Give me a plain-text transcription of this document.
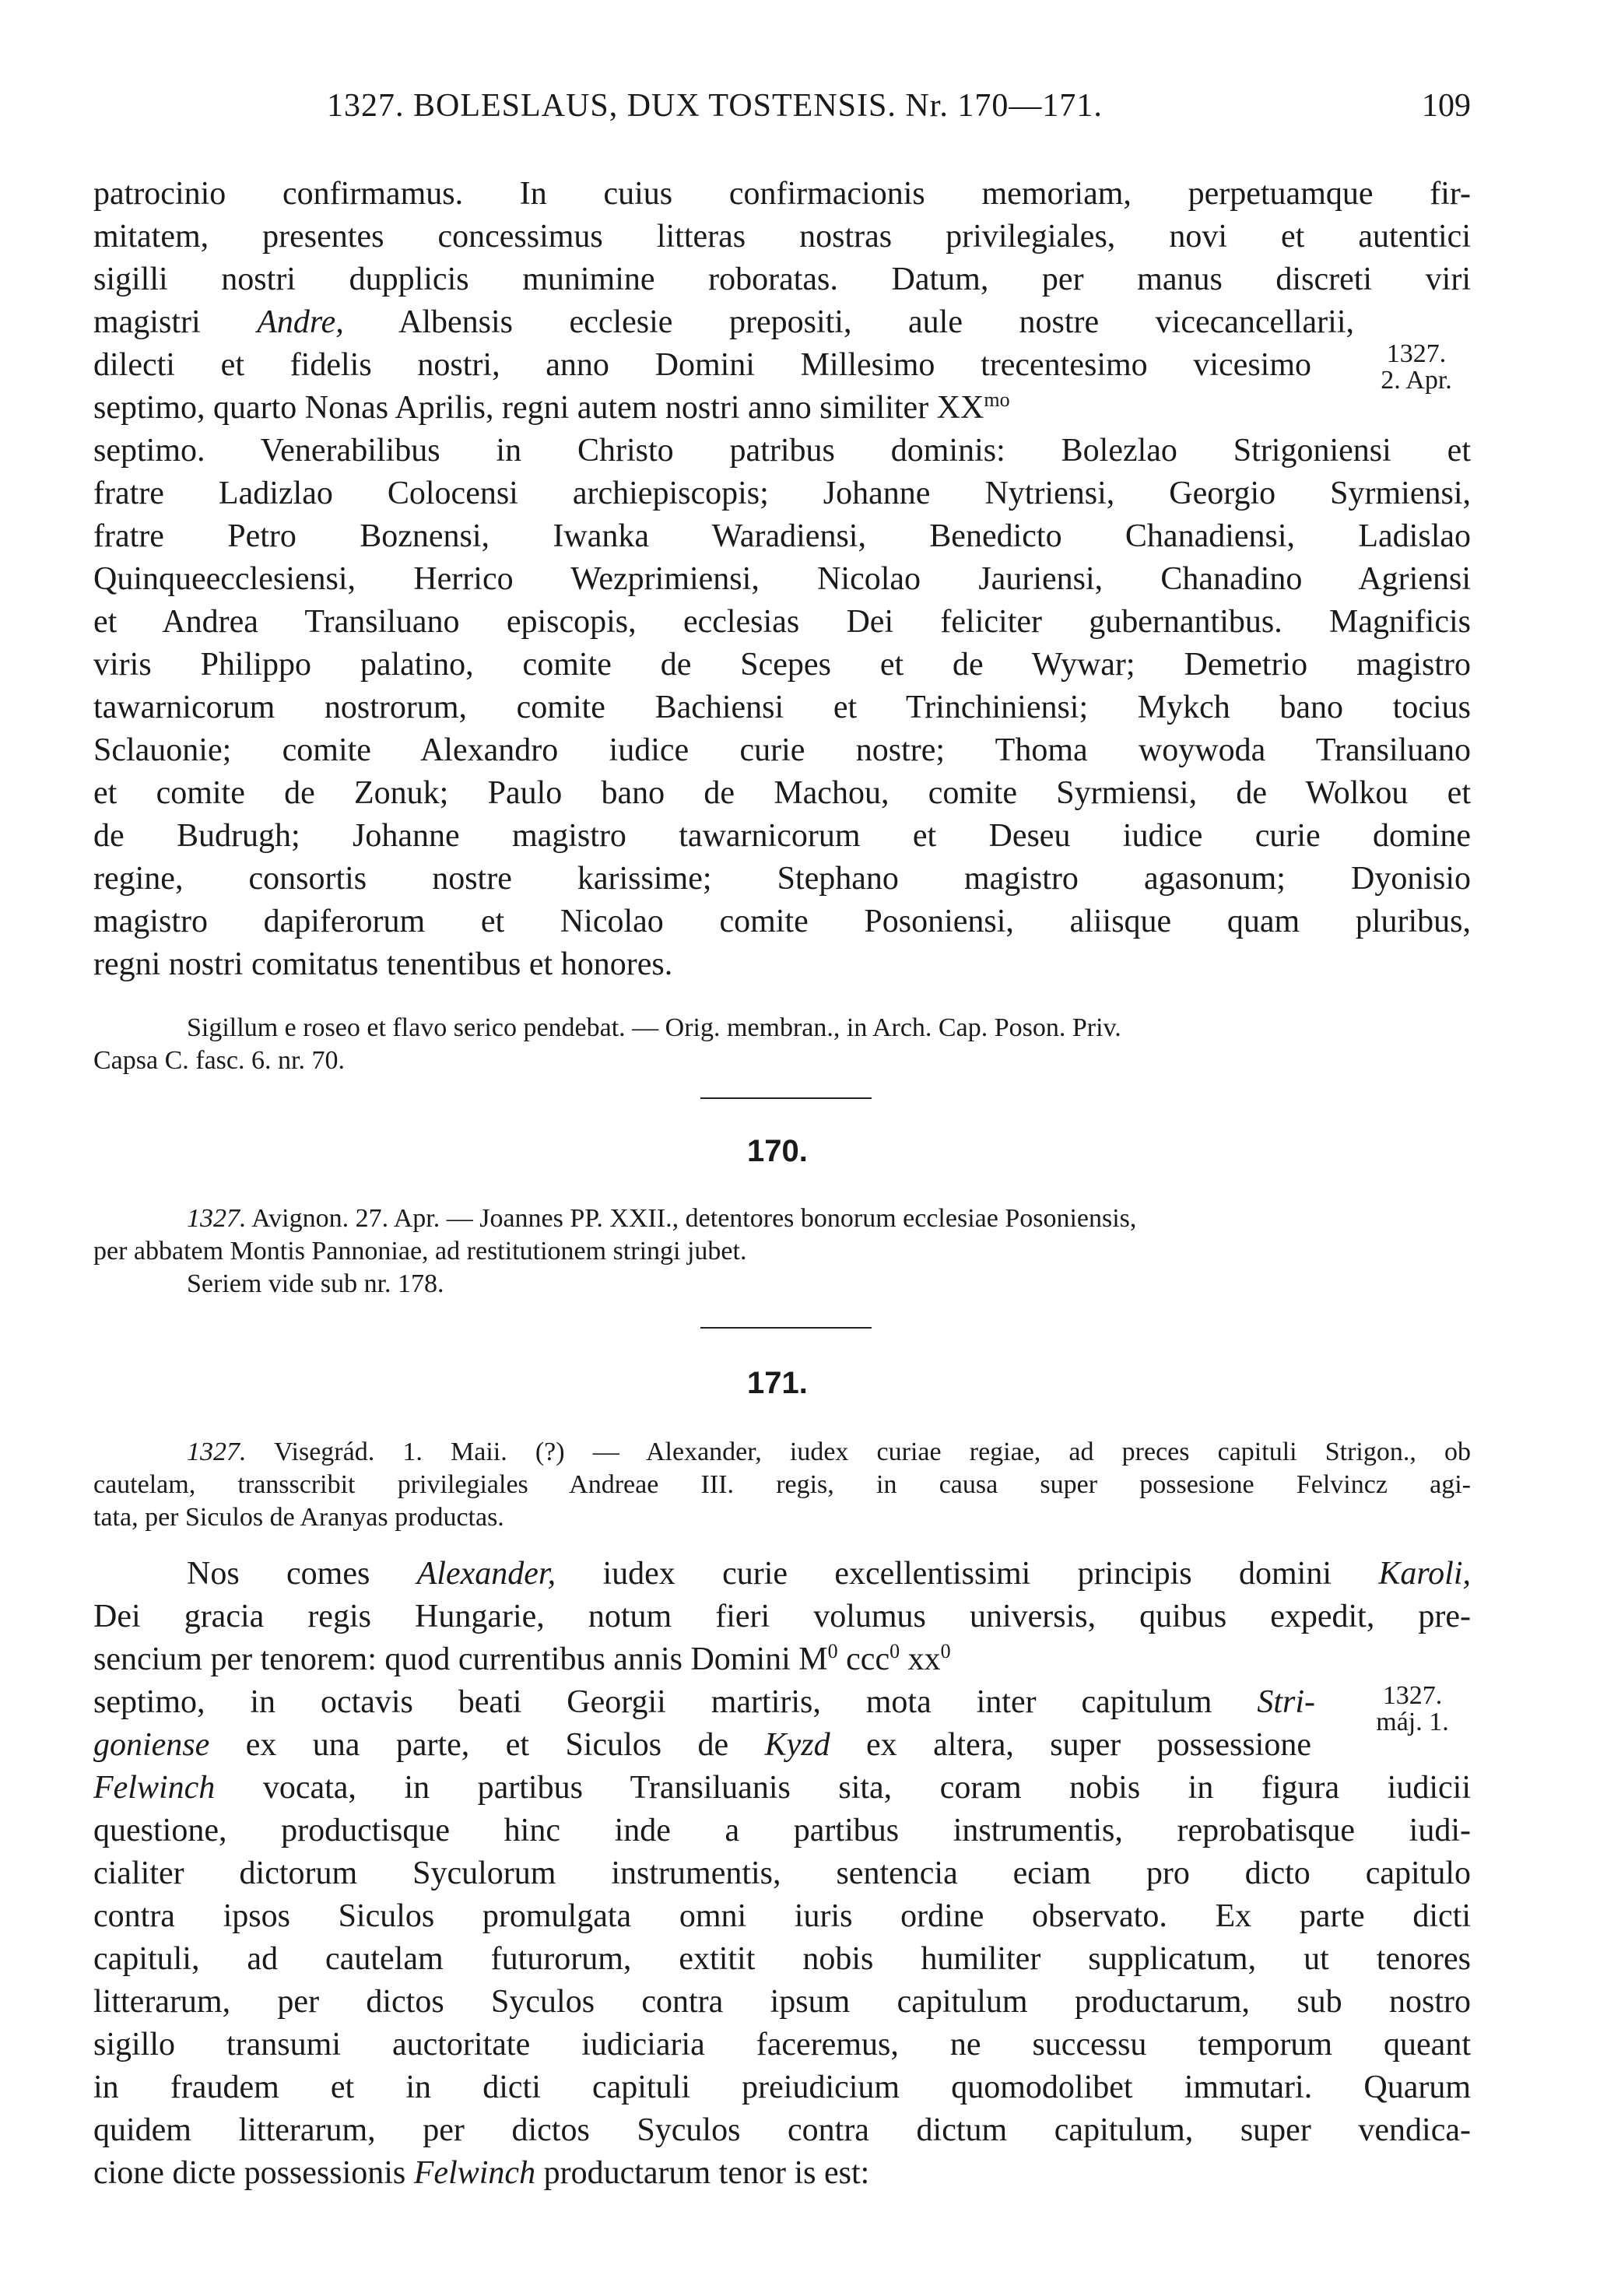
1327. BOLESLAUS, DUX TOSTENSIS. Nr. 170—171.	109
patrocinio confirmamus. In cuius confirmacionis memoriam, perpetuamque fir-
mitatem, presentes concessimus litteras nostras privilegiales, novi et autentici
sigilli nostri dupplicis munimine roboratas. Datum, per manus discreti viri
magistri Andre, Albensis ecclesie prepositi, aule nostre vicecancellarii,
dilecti et fidelis nostri, anno Domini Millesimo trecentesimo vicesimo
septimo, quarto Nonas Aprilis, regni autem nostri anno similiter $XX^{mo}$
septimo. Venerabilibus in Christo patribus dominis: Bolezlao Strigoniensi et
fratre Ladizlao Colocensi archiepiscopis; Johanne Nytriensi, Georgio Syrmiensi,
fratre Petro Boznensi, Iwanka Waradiensi, Benedicto Chanadiensi, Ladislao
Quinqueecclesiensi, Herrico Wezprimiensi, Nicolao Jauriensi, Chanadino Agriensi
et Andrea Transiluano episcopis, ecclesias Dei feliciter gubernantibus. Magnificis
viris Philippo palatino, comite de Scepes et de Wywar; Demetrio magistro
tawarnicorum nostrorum, comite Bachiensi et Trinchiniensi; Mykch bano tocius
Sclauonie; comite Alexandro iudice curie nostre; Thoma woywoda Transiluano
et comite de Zonuk; Paulo bano de Machou, comite Syrmiensi, de Wolkou et
de Budrugh; Johanne magistro tawarnicorum et Deseu iudice curie domine
regine, consortis nostre karissime; Stephano magistro agasonum; Dyonisio
magistro dapiferorum et Nicolao comite Posoniensi, aliisque quam pluribus,
regni nostri comitatus tenentibus et honores.
1327.
2. Apr.
Sigillum e roseo et flavo serico pendebat. — Orig. membran., in Arch. Cap. Poson. Priv.
Capsa C. fasc. 6. nr. 70.
170.
1327. Avignon. 27. Apr. — Joannes PP. XXII., detentores bonorum ecclesiae Posoniensis,
per abbatem Montis Pannoniae, ad restitutionem stringi jubet.
Seriem vide sub nr. 178.
171.
1327. Visegrád. 1. Maii. (?) — Alexander, iudex curiae regiae, ad preces capituli Strigon., ob
cautelam, transscribit privilegiales Andreae III. regis, in causa super possesione Felvincz agi-
tata, per Siculos de Aranyas productas.
Nos comes Alexander, iudex curie excellentissimi principis domini Karoli,
Dei gracia regis Hungarie, notum fieri volumus universis, quibus expedit, pre-
sencium per tenorem: quod currentibus annis Domini $M^0$ ccc$^0$ $xx^0$
septimo, in octavis beati Georgii martiris, mota inter capitulum Stri-
goniense ex una parte, et Siculos de Kyzd ex altera, super possessione
Felwinch vocata, in partibus Transiluanis sita, coram nobis in figura iudicii
questione, productisque hinc inde a partibus instrumentis, reprobatisque iudi-
cialiter dictorum Syculorum instrumentis, sentencia eciam pro dicto capitulo
contra ipsos Siculos promulgata omni iuris ordine observato. Ex parte dicti
capituli, ad cautelam futurorum, extitit nobis humiliter supplicatum, ut tenores
litterarum, per dictos Syculos contra ipsum capitulum productarum, sub nostro
sigillo transumi auctoritate iudiciaria faceremus, ne successu temporum queant
in fraudem et in dicti capituli preiudicium quomodolibet immutari. Quarum
quidem litterarum, per dictos Syculos contra dictum capitulum, super vendica-
cione dicte possessionis Felwinch productarum tenor is est:
1327.
máj. 1.
